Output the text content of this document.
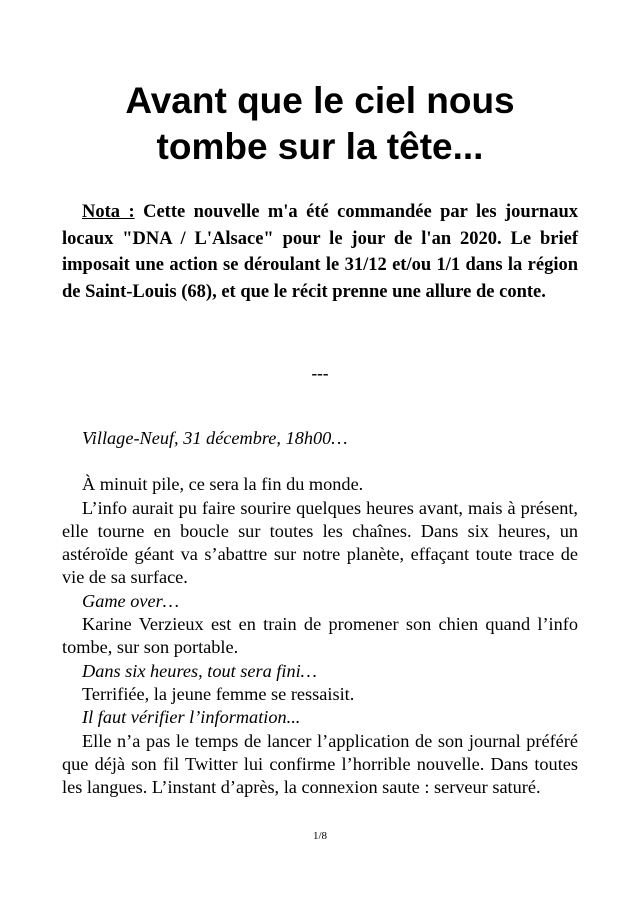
Avant que le ciel nous
tombe sur la tête...

Nota : Cette nouvelle m'a été commandée par les journaux locaux "DNA / L'Alsace" pour le jour de l'an 2020. Le brief imposait une action se déroulant le 31/12 et/ou 1/1 dans la région de Saint-Louis (68), et que le récit prenne une allure de conte.

---

Village-Neuf, 31 décembre, 18h00…

À minuit pile, ce sera la fin du monde.

L’info aurait pu faire sourire quelques heures avant, mais à présent, elle tourne en boucle sur toutes les chaînes. Dans six heures, un astéroïde géant va s’abattre sur notre planète, effaçant toute trace de vie de sa surface.

Game over…

Karine Verzieux est en train de promener son chien quand l’info tombe, sur son portable.

Dans six heures, tout sera fini…

Terrifiée, la jeune femme se ressaisit.

Il faut vérifier l’information...

Elle n’a pas le temps de lancer l’application de son journal préféré que déjà son fil Twitter lui confirme l’horrible nouvelle. Dans toutes les langues. L’instant d’après, la connexion saute : serveur saturé.

1/8
